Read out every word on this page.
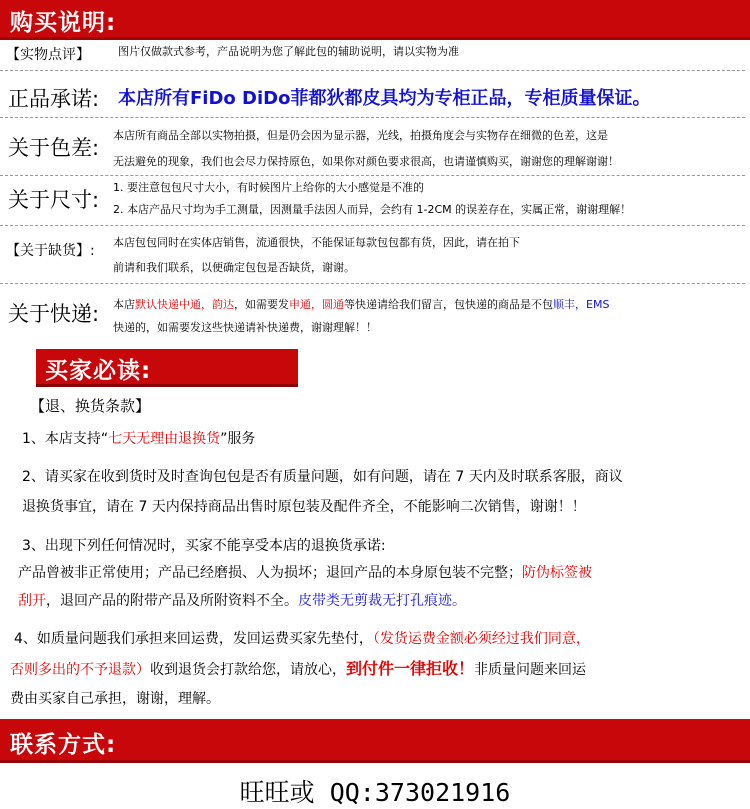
购买说明:
【实物点评】	图片仅做款式参考，产品说明为您了解此包的辅助说明，请以实物为准
正品承诺: 本店所有FiDo DiDo菲都狄都皮具均为专柜正品，专柜质量保证。
关于色差:
本店所有商品全部以实物拍摄，但是仍会因为显示器，光线，拍摄角度会与实物存在细微的色差，这是
无法避免的现象，我们也会尽力保持原色，如果你对颜色要求很高，也请谨慎购买，谢谢您的理解谢谢！
关于尺寸:
1. 要注意包包尺寸大小，有时候图片上给你的大小感觉是不准的
2. 本店产品尺寸均为手工测量，因测量手法因人而异，会约有 1-2CM 的误差存在，实属正常，谢谢理解！
【关于缺货】:
本店包包同时在实体店销售，流通很快，不能保证每款包包都有货，因此，请在拍下
前请和我们联系，以便确定包包是否缺货，谢谢。
关于快递: 本店默认快递中通，韵达，如需要发申通，圆通等快递请给我们留言，包快递的商品是不包顺丰，EMS
快递的，如需要发这些快递请补快递费，谢谢理解！！
买家必读:
【退、换货条款】
1、本店支持“七天无理由退换货”服务
2、请买家在收到货时及时查询包包是否有质量问题，如有问题，请在 7 天内及时联系客服，商议
退换货事宜，请在 7 天内保持商品出售时原包装及配件齐全，不能影响二次销售，谢谢！！
3、出现下列任何情况时，买家不能享受本店的退换货承诺:
产品曾被非正常使用；产品已经磨损、人为损坏；退回产品的本身原包装不完整；防伪标签被
刮开，退回产品的附带产品及所附资料不全。皮带类无剪裁无打孔痕迹。
4、如质量问题我们承担来回运费，发回运费买家先垫付，（发货运费金额必须经过我们同意，
否则多出的不予退款）收到退货会打款给您，请放心，到付件一律拒收！非质量问题来回运
费由买家自己承担，谢谢，理解。
联系方式:
旺旺或 QQ:373021916
